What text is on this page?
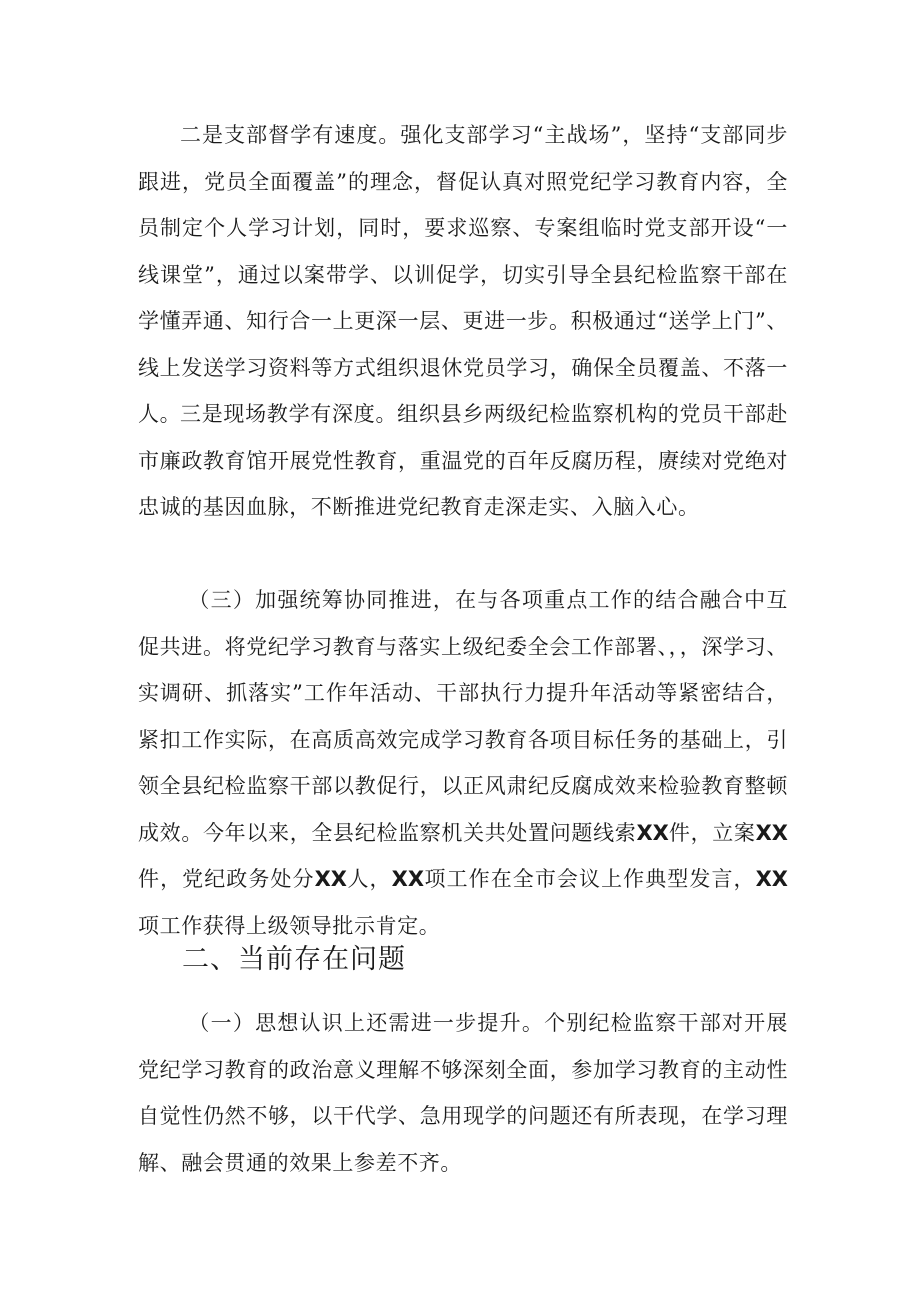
二是支部督学有速度。强化支部学习“主战场”，坚持“支部同步跟进，党员全面覆盖”的理念，督促认真对照党纪学习教育内容，全员制定个人学习计划，同时，要求巡察、专案组临时党支部开设“一线课堂”，通过以案带学、以训促学，切实引导全县纪检监察干部在学懂弄通、知行合一上更深一层、更进一步。积极通过“送学上门”、线上发送学习资料等方式组织退休党员学习，确保全员覆盖、不落一人。

三是现场教学有深度。组织县乡两级纪检监察机构的党员干部赴市廉政教育馆开展党性教育，重温党的百年反腐历程，赓续对党绝对忠诚的基因血脉，不断推进党纪教育走深走实、入脑入心。

（三）加强统筹协同推进，在与各项重点工作的结合融合中互促共进。将党纪学习教育与落实上级纪委全会工作部署、，，深学习、实调研、抓落实”工作年活动、干部执行力提升年活动等紧密结合，紧扣工作实际，在高质高效完成学习教育各项目标任务的基础上，引领全县纪检监察干部以教促行，以正风肃纪反腐成效来检验教育整顿成效。今年以来，全县纪检监察机关共处置问题线索XX件，立案XX件，党纪政务处分XX人，XX项工作在全市会议上作典型发言，XX项工作获得上级领导批示肯定。

二、当前存在问题

（一）思想认识上还需进一步提升。个别纪检监察干部对开展党纪学习教育的政治意义理解不够深刻全面，参加学习教育的主动性自觉性仍然不够，以干代学、急用现学的问题还有所表现，在学习理解、融会贯通的效果上参差不齐。
